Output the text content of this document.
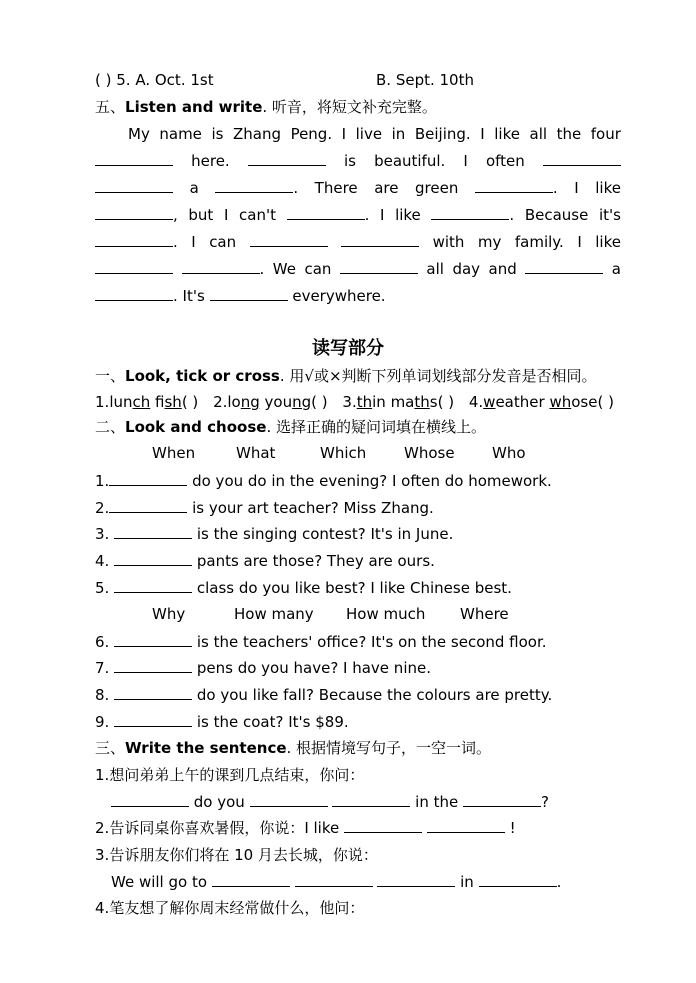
( ) 5. A. Oct. 1st	B. Sept. 10th
五、Listen and write. 听音，将短文补充完整。
My name is Zhang Peng. I live in Beijing. I like all the four
here.	is beautiful. I often
a	. There are green	. I like
, but I can't	. I like	. Because it's
. I can	with my family. I like
. We can	all day and	a
. It's	everywhere.
读写部分
一、Look, tick or cross. 用√或×判断下列单词划线部分发音是否相同。
1.lunch fish( ) 2.long young( ) 3.thin maths( ) 4.weather whose( )
二、Look and choose. 选择正确的疑问词填在横线上。
When	What	Which	Whose Who
1.	do you do in the evening? I often do homework.
2.	is your art teacher? Miss Zhang.
3.	is the singing contest? It's in June.
4.	pants are those? They are ours.
5.	class do you like best? I like Chinese best.
Why	How many How much Where
6.	is the teachers' office? It's on the second floor.
7.	pens do you have? I have nine.
8.	do you like fall? Because the colours are pretty.
9.	is the coat? It's $89.
三、Write the sentence. 根据情境写句子，一空一词。
1.想问弟弟上午的课到几点结束，你问：
do you	in the	?
2.告诉同桌你喜欢暑假，你说：I like	!
3.告诉朋友你们将在 10 月去长城，你说：
We will go to	in	.
4.笔友想了解你周末经常做什么，他问：
